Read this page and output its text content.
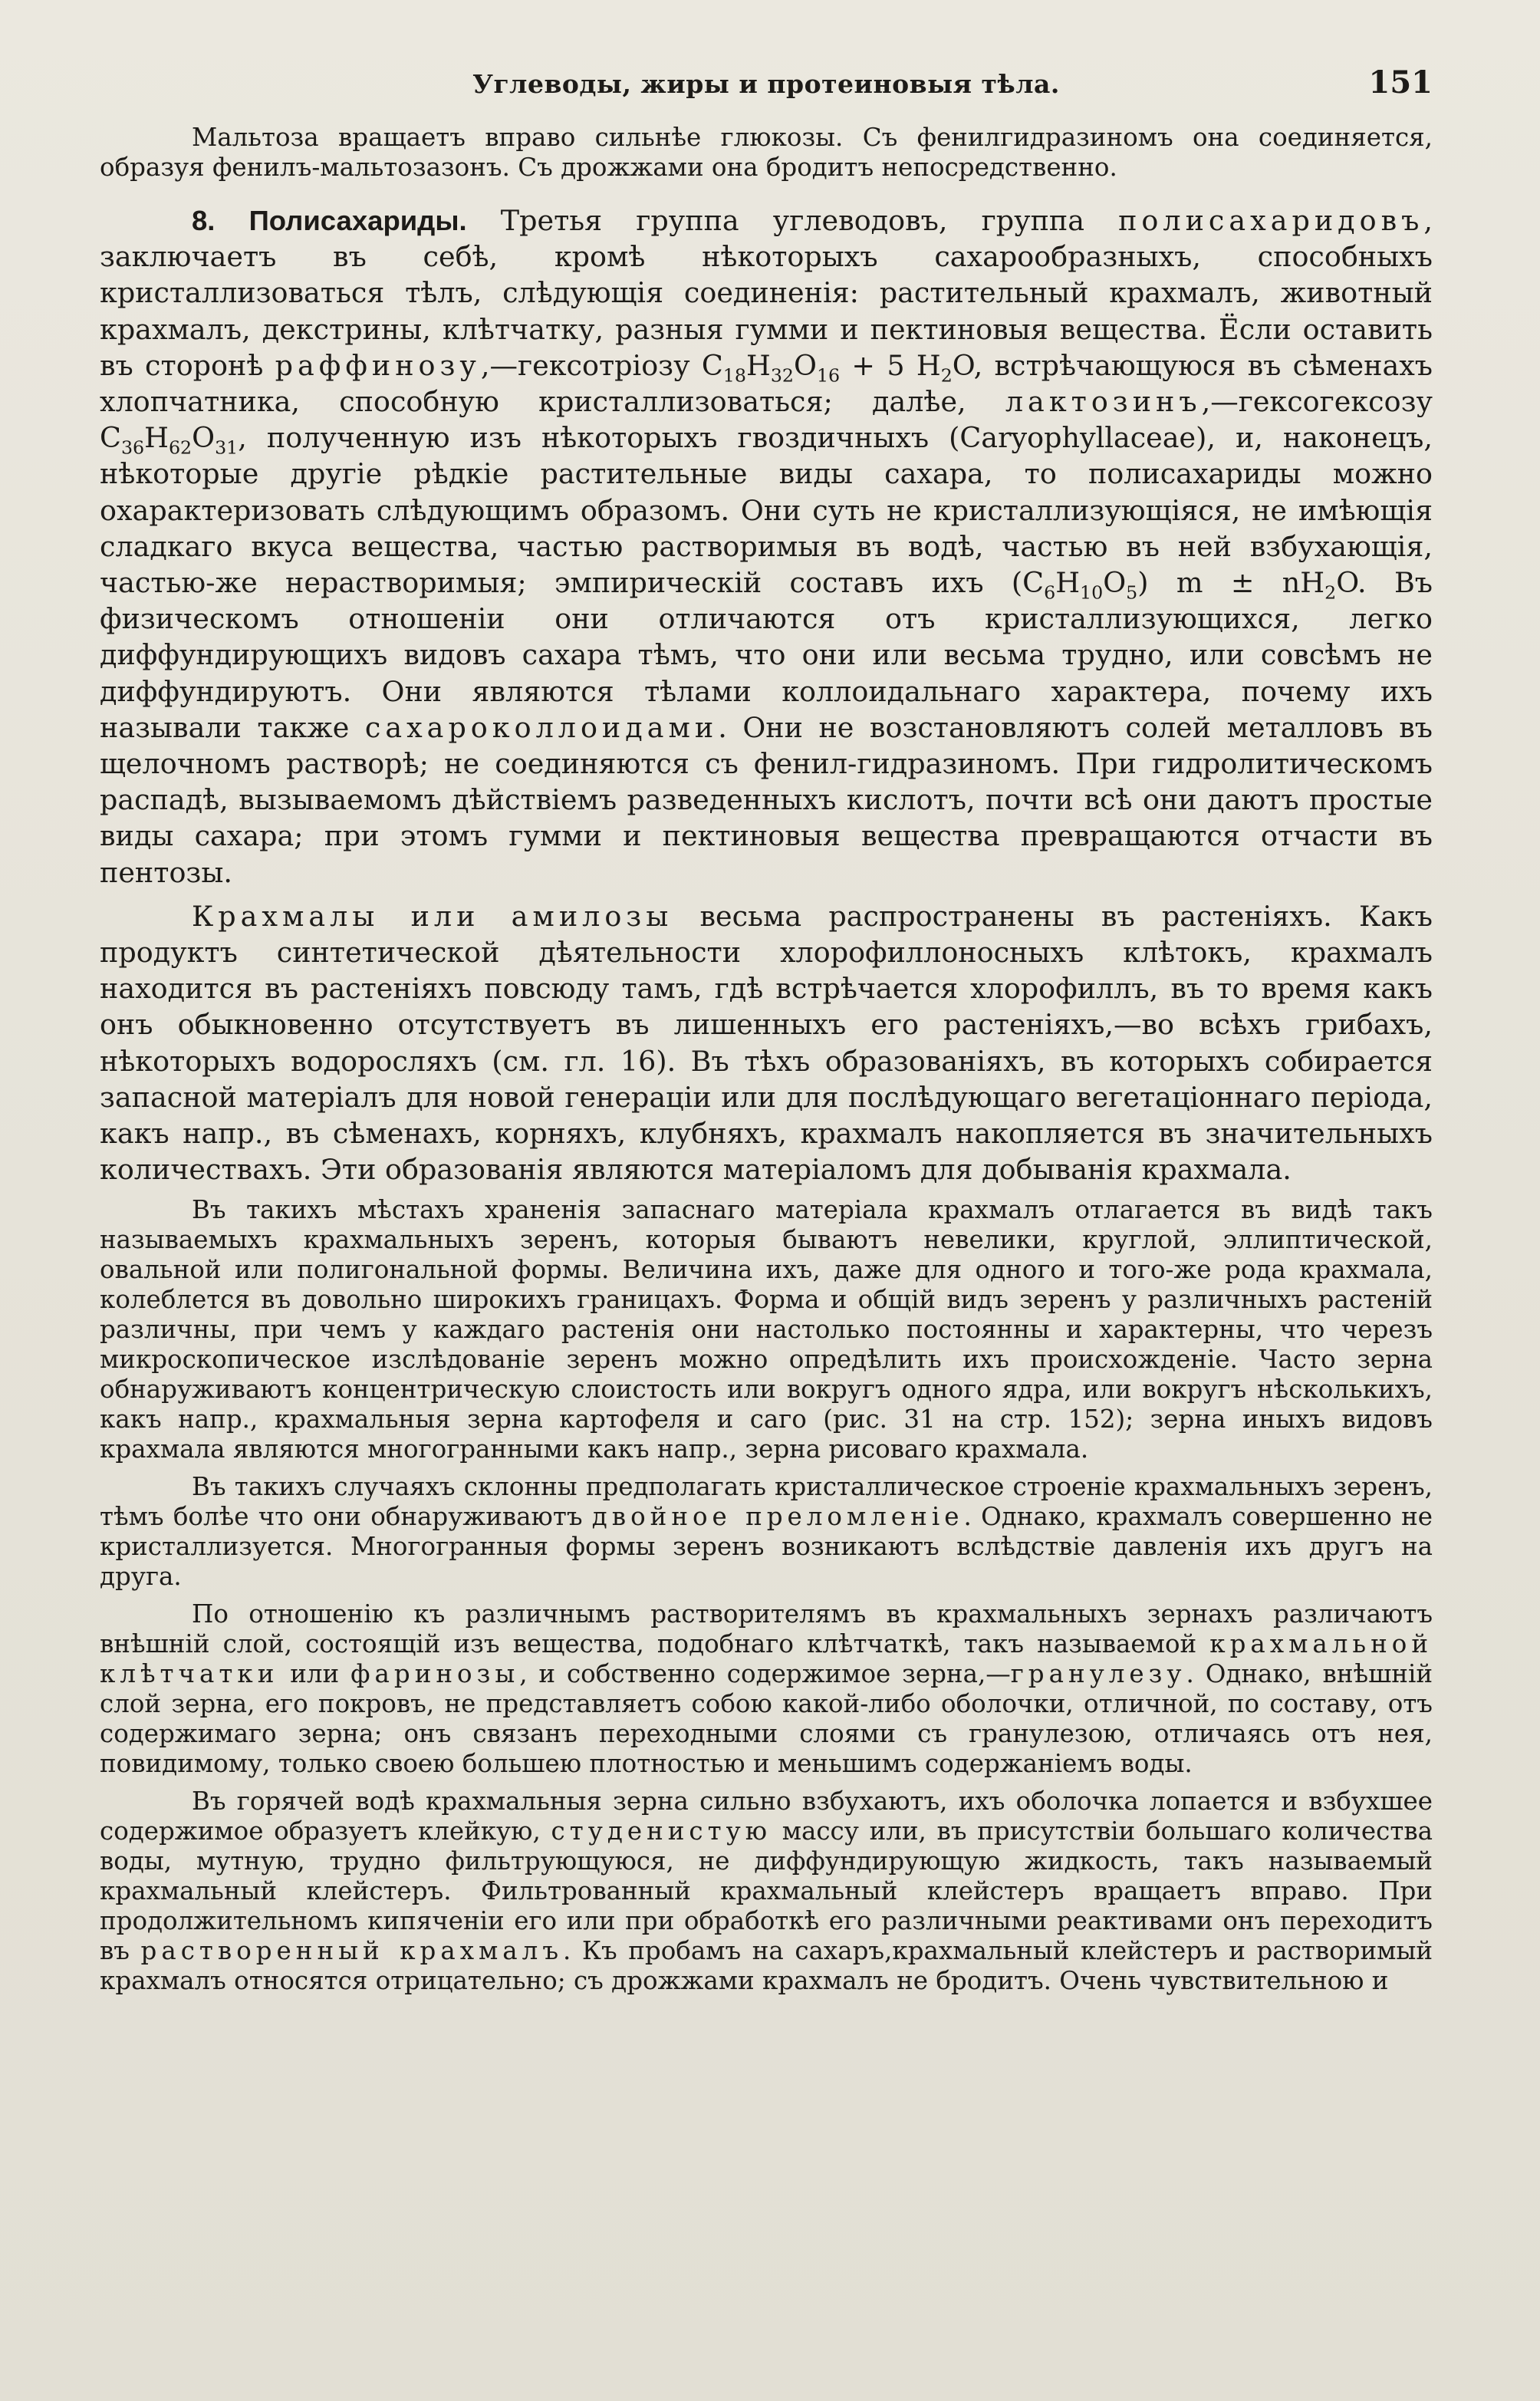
Углеводы, жиры и протеиновыя тѣла.	151

Мальтоза вращаетъ вправо сильнѣе глюкозы. Съ фенилгидразиномъ она соединяется, образуя фенилъ-мальтозазонъ. Съ дрожжами она бродитъ непосредственно.

8. Полисахариды. Третья группа углеводовъ, группа полисахаридовъ, заключаетъ въ себѣ, кромѣ нѣкоторыхъ сахарообразныхъ, способныхъ кристаллизоваться тѣлъ, слѣдующія соединенія: растительный крахмалъ, животный крахмалъ, декстрины, клѣтчатку, разныя гумми и пектиновыя вещества. Ёсли оставить въ сторонѣ раффинозу,—гексотріозу $C_{18}H_{32}O_{16} + 5$ $H_2O$, встрѣчающуюся въ сѣменахъ хлопчатника, способную кристаллизоваться; далѣе, лактозинъ,—гексогексозу $C_{36}H_{62}O_{31}$, полученную изъ нѣкоторыхъ гвоздичныхъ (Caryophyllaceae), и, наконецъ, нѣкоторые другіе рѣдкіе растительные виды сахара, то полисахариды можно охарактеризовать слѣдующимъ образомъ. Они суть не кристаллизующіяся, не имѣющія сладкаго вкуса вещества, частью растворимыя въ водѣ, частью въ ней взбухающія, частью-же нерастворимыя; эмпирическій составъ ихъ $(C_6H_{10}O_5) m \pm nH_2O$. Въ физическомъ отношеніи они отличаются отъ кристаллизующихся, легко диффундирующихъ видовъ сахара тѣмъ, что они или весьма трудно, или совсѣмъ не диффундируютъ. Они являются тѣлами коллоидальнаго характера, почему ихъ называли также сахароколлоидами. Они не возстановляютъ солей металловъ въ щелочномъ растворѣ; не соединяются съ фенил-гидразиномъ. При гидролитическомъ распадѣ, вызываемомъ дѣйствіемъ разведенныхъ кислотъ, почти всѣ они даютъ простые виды сахара; при этомъ гумми и пектиновыя вещества превращаются отчасти въ пентозы.

Крахмалы или амилозы весьма распространены въ растеніяхъ. Какъ продуктъ синтетической дѣятельности хлорофиллоносныхъ клѣтокъ, крахмалъ находится въ растеніяхъ повсюду тамъ, гдѣ встрѣчается хлорофиллъ, въ то время какъ онъ обыкновенно отсутствуетъ въ лишенныхъ его растеніяхъ,—во всѣхъ грибахъ, нѣкоторыхъ водоросляхъ (см. гл. 16). Въ тѣхъ образованіяхъ, въ которыхъ собирается запасной матеріалъ для новой генераціи или для послѣдующаго вегетаціоннаго періода, какъ напр., въ сѣменахъ, корняхъ, клубняхъ, крахмалъ накопляется въ значительныхъ количествахъ. Эти образованія являются матеріаломъ для добыванія крахмала.

Въ такихъ мѣстахъ храненія запаснаго матеріала крахмалъ отлагается въ видѣ такъ называемыхъ крахмальныхъ зеренъ, которыя бываютъ невелики, круглой, эллиптической, овальной или полигональной формы. Величина ихъ, даже для одного и того-же рода крахмала, колеблется въ довольно широкихъ границахъ. Форма и общій видъ зеренъ у различныхъ растеній различны, при чемъ у каждаго растенія они настолько постоянны и характерны, что черезъ микроскопическое изслѣдованіе зеренъ можно опредѣлить ихъ происхожденіе. Часто зерна обнаруживаютъ концентрическую слоистость или вокругъ одного ядра, или вокругъ нѣсколькихъ, какъ напр., крахмальныя зерна картофеля и саго (рис. 31 на стр. 152); зерна иныхъ видовъ крахмала являются многогранными какъ напр., зерна рисоваго крахмала.

Въ такихъ случаяхъ склонны предполагать кристаллическое строеніе крахмальныхъ зеренъ, тѣмъ болѣе что они обнаруживаютъ двойное преломленіе. Однако, крахмалъ совершенно не кристаллизуется. Многогранныя формы зеренъ возникаютъ вслѣдствіе давленія ихъ другъ на друга.

По отношенію къ различнымъ растворителямъ въ крахмальныхъ зернахъ различаютъ внѣшній слой, состоящій изъ вещества, подобнаго клѣтчаткѣ, такъ называемой крахмальной клѣтчатки или фаринозы, и собственно содержимое зерна,—гранулезу. Однако, внѣшній слой зерна, его покровъ, не представляетъ собою какой-либо оболочки, отличной, по составу, отъ содержимаго зерна; онъ связанъ переходными слоями съ гранулезою, отличаясь отъ нея, повидимому, только своею большею плотностью и меньшимъ содержаніемъ воды.

Въ горячей водѣ крахмальныя зерна сильно взбухаютъ, ихъ оболочка лопается и взбухшее содержимое образуетъ клейкую, студенистую массу или, въ присутствіи большаго количества воды, мутную, трудно фильтрующуюся, не диффундирующую жидкость, такъ называемый крахмальный клейстеръ. Фильтрованный крахмальный клейстеръ вращаетъ вправо. При продолжительномъ кипяченіи его или при обработкѣ его различными реактивами онъ переходитъ въ растворенный крахмалъ. Къ пробамъ на сахаръ,крахмальный клейстеръ и растворимый крахмалъ относятся отрицательно; съ дрожжами крахмалъ не бродитъ. Очень чувствительною и
